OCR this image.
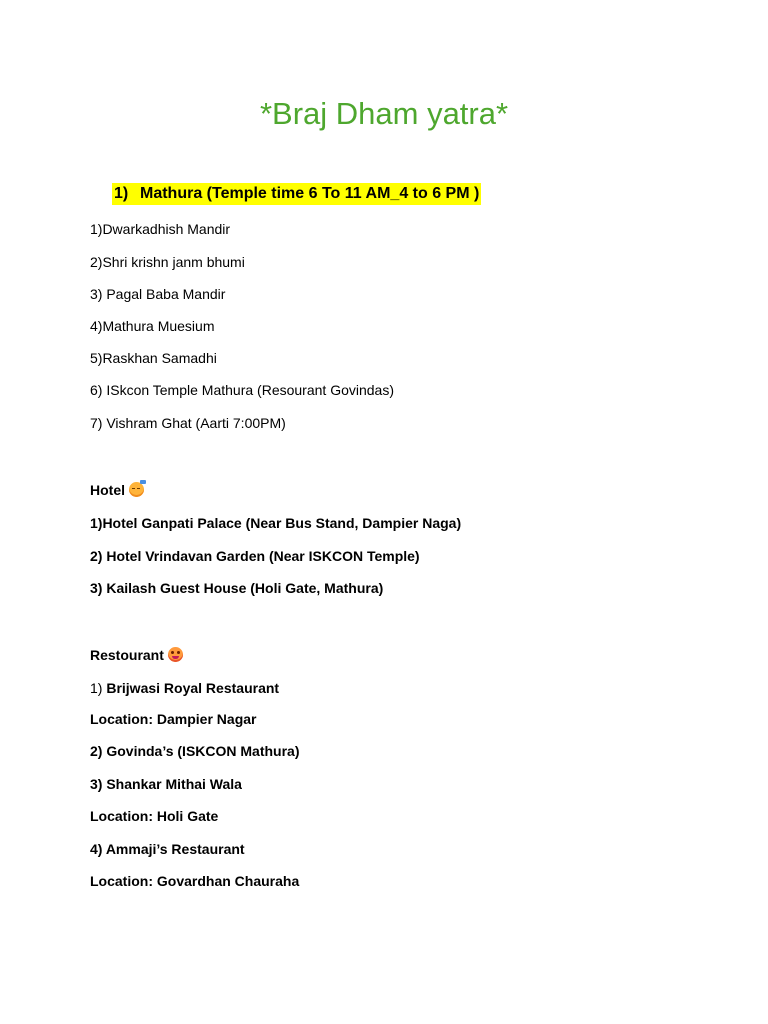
*Braj Dham yatra*
1) Mathura (Temple time 6 To 11 AM_4 to 6 PM )
1)Dwarkadhish Mandir
2)Shri krishn janm bhumi
3) Pagal Baba Mandir
4)Mathura Muesium
5)Raskhan Samadhi
6) ISkcon Temple Mathura (Resourant Govindas)
7) Vishram Ghat (Aarti 7:00PM)
Hotel
1)Hotel Ganpati Palace (Near Bus Stand, Dampier Naga)
2) Hotel Vrindavan Garden (Near ISKCON Temple)
3) Kailash Guest House (Holi Gate, Mathura)
Restourant
1) Brijwasi Royal Restaurant
Location: Dampier Nagar
2) Govinda’s (ISKCON Mathura)
3) Shankar Mithai Wala
Location: Holi Gate
4) Ammaji’s Restaurant
Location: Govardhan Chauraha
